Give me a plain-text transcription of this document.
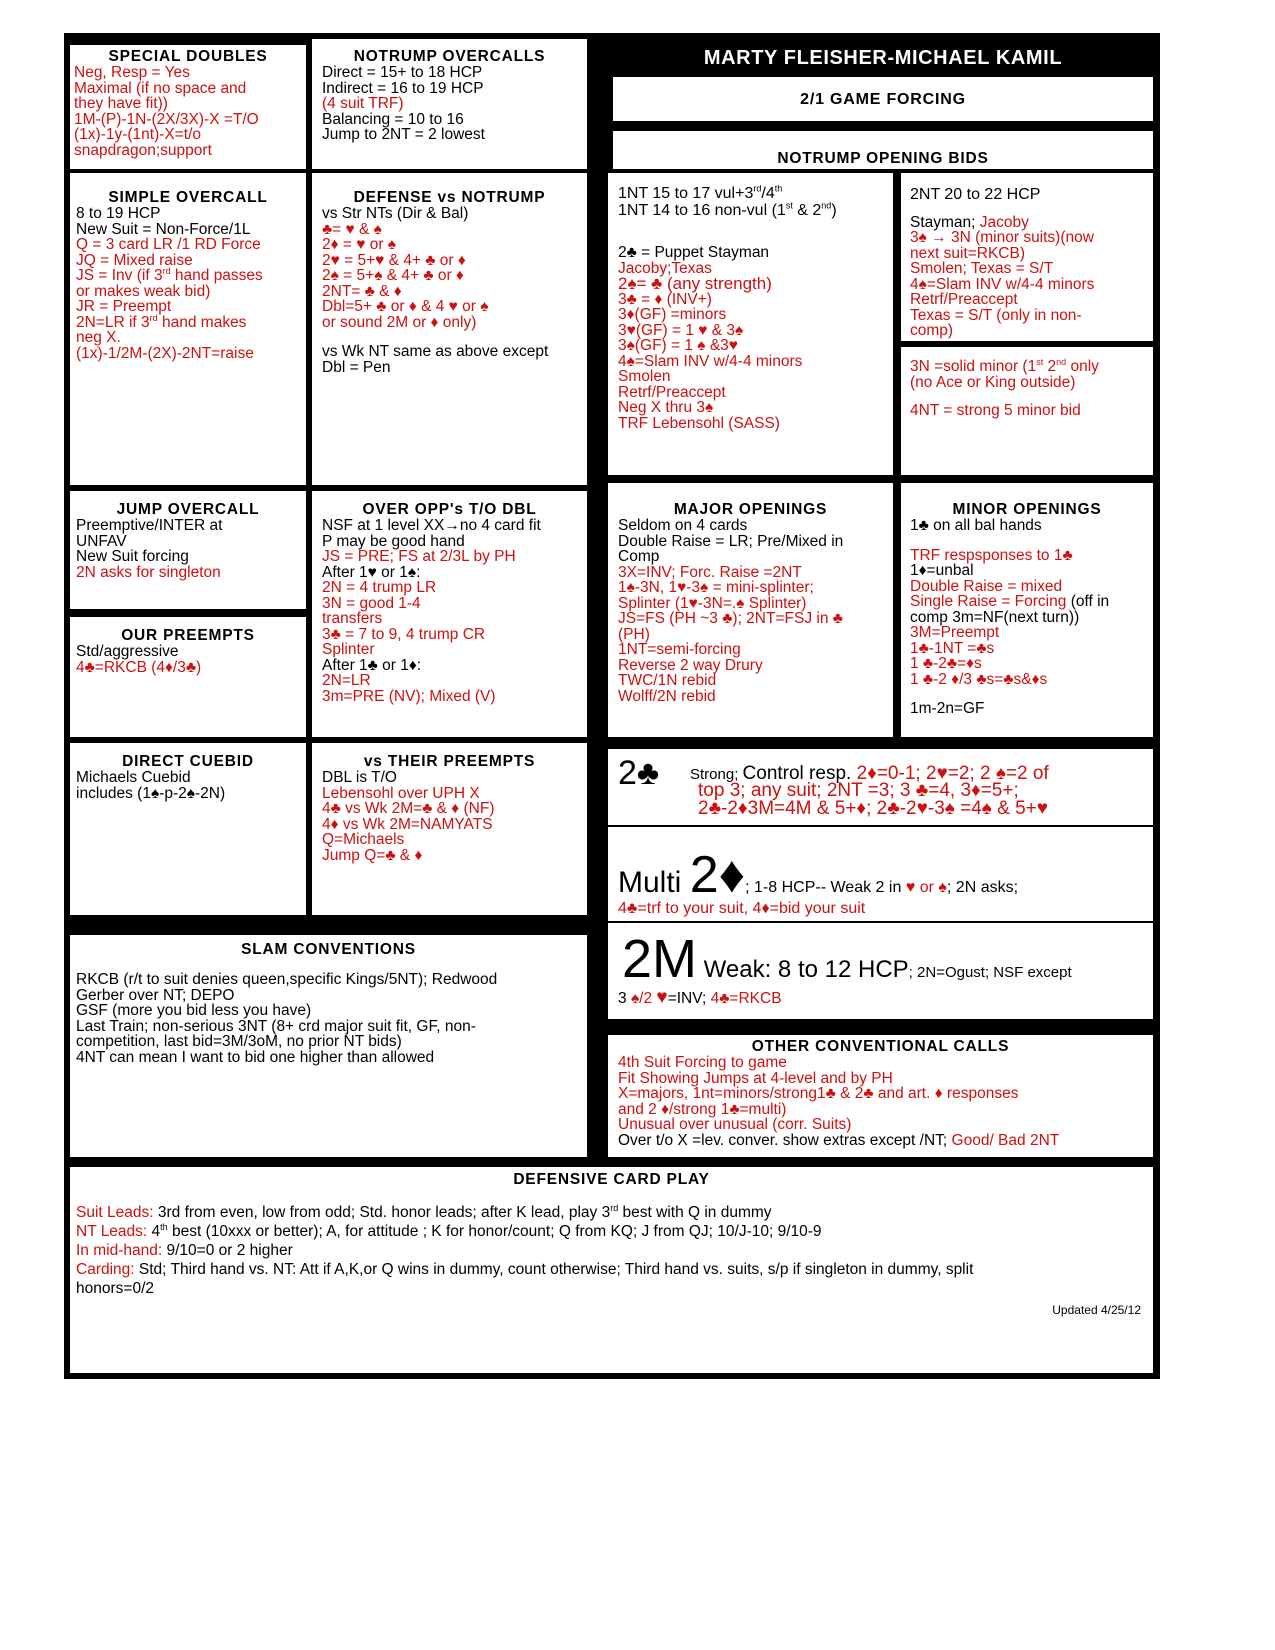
SPECIAL DOUBLES
Neg, Resp = Yes
Maximal (if no space and
they have fit))
1M-(P)-1N-(2X/3X)-X =T/O
(1x)-1y-(1nt)-X=t/o
snapdragon;support
NOTRUMP OVERCALLS
Direct = 15+ to 18 HCP
Indirect = 16 to 19 HCP
(4 suit TRF)
Balancing = 10 to 16
Jump to 2NT = 2 lowest
MARTY FLEISHER-MICHAEL KAMIL
2/1 GAME FORCING
NOTRUMP OPENING BIDS
SIMPLE OVERCALL
8 to 19 HCP
New Suit = Non-Force/1L
Q = 3 card LR /1 RD Force
JQ = Mixed raise
JS = Inv (if 3rd hand passes
or makes weak bid)
JR = Preempt
2N=LR if 3rd hand makes
neg X.
(1x)-1/2M-(2X)-2NT=raise
DEFENSE vs NOTRUMP
vs Str NTs (Dir & Bal)
♣= ♥ & ♠
2♦ = ♥ or ♠
2♥ = 5+♥ & 4+ ♣ or ♦
2♠ = 5+♠ & 4+ ♣ or ♦
2NT= ♣ & ♦
Dbl=5+ ♣ or ♦ & 4 ♥ or ♠
or sound 2M or ♦ only)
vs Wk NT same as above except
Dbl = Pen
1NT 15 to 17 vul+3rd/4th
1NT 14 to 16 non-vul (1st & 2nd)
2♣ = Puppet Stayman
Jacoby;Texas
2♠= ♣ (any strength)
3♣ = ♦ (INV+)
3♦(GF) =minors
3♥(GF) = 1 ♥ & 3♠
3♠(GF) = 1 ♠ &3♥
4♠=Slam INV w/4-4 minors
Smolen
Retrf/Preaccept
Neg X thru 3♠
TRF Lebensohl (SASS)
2NT 20 to 22 HCP
Stayman; Jacoby
3♠ → 3N (minor suits)(now
next suit=RKCB)
Smolen; Texas = S/T
4♠=Slam INV w/4-4 minors
Retrf/Preaccept
Texas = S/T (only in non-
comp)
3N =solid minor (1st 2nd only
(no Ace or King outside)
4NT = strong 5 minor bid
JUMP OVERCALL
Preemptive/INTER at
UNFAV
New Suit forcing
2N asks for singleton
OUR PREEMPTS
Std/aggressive
4♣=RKCB (4♦/3♣)
OVER OPP's T/O DBL
NSF at 1 level XX→no 4 card fit
P may be good hand
JS = PRE; FS at 2/3L by PH
After 1♥ or 1♠:
2N = 4 trump LR
3N = good 1-4
transfers
3♣ = 7 to 9, 4 trump CR
Splinter
After 1♣ or 1♦:
2N=LR
3m=PRE (NV); Mixed (V)
MAJOR OPENINGS
Seldom on 4 cards
Double Raise = LR; Pre/Mixed in
Comp
3X=INV; Forc. Raise =2NT
1♠-3N, 1♥-3♠ = mini-splinter;
Splinter (1♥-3N=.♠ Splinter)
JS=FS (PH ~3 ♣); 2NT=FSJ in ♣
(PH)
1NT=semi-forcing
Reverse 2 way Drury
TWC/1N rebid
Wolff/2N rebid
MINOR OPENINGS
1♣ on all bal hands
TRF respsponses to 1♣
1♦=unbal
Double Raise = mixed
Single Raise = Forcing (off in
comp 3m=NF(next turn))
3M=Preempt
1♣-1NT =♣s
1 ♣-2♣=♦s
1 ♣-2 ♦/3 ♣s=♣s&♦s
1m-2n=GF
DIRECT CUEBID
Michaels Cuebid
includes (1♠-p-2♠-2N)
vs THEIR PREEMPTS
DBL is T/O
Lebensohl over UPH X
4♣ vs Wk 2M=♣ & ♦ (NF)
4♦ vs Wk 2M=NAMYATS
Q=Michaels
Jump Q=♣ & ♦
2♣ Strong; Control resp. 2♦=0-1; 2♥=2; 2 ♠=2 of
top 3; any suit; 2NT =3; 3 ♣=4, 3♦=5+;
2♣-2♦3M=4M & 5+♦; 2♣-2♥-3♠ =4♠ & 5+♥
Multi 2♦; 1-8 HCP-- Weak 2 in ♥ or ♠; 2N asks;
4♣=trf to your suit, 4♦=bid your suit
2M Weak: 8 to 12 HCP; 2N=Ogust; NSF except
3 ♠/2 ♥=INV; 4♣=RKCB
SLAM CONVENTIONS
RKCB (r/t to suit denies queen,specific Kings/5NT); Redwood
Gerber over NT; DEPO
GSF (more you bid less you have)
Last Train; non-serious 3NT (8+ crd major suit fit, GF, non-
competition, last bid=3M/3oM, no prior NT bids)
4NT can mean I want to bid one higher than allowed
OTHER CONVENTIONAL CALLS
4th Suit Forcing to game
Fit Showing Jumps at 4-level and by PH
X=majors, 1nt=minors/strong1♣ & 2♣ and art. ♦ responses
and 2 ♦/strong 1♣=multi)
Unusual over unusual (corr. Suits)
Over t/o X =lev. conver. show extras except /NT; Good/ Bad 2NT
DEFENSIVE CARD PLAY
Suit Leads: 3rd from even, low from odd; Std. honor leads; after K lead, play 3rd best with Q in dummy
NT Leads: 4th best (10xxx or better); A, for attitude ; K for honor/count; Q from KQ; J from QJ; 10/J-10; 9/10-9
In mid-hand: 9/10=0 or 2 higher
Carding: Std; Third hand vs. NT: Att if A,K,or Q wins in dummy, count otherwise; Third hand vs. suits, s/p if singleton in dummy, split
honors=0/2
Updated 4/25/12
